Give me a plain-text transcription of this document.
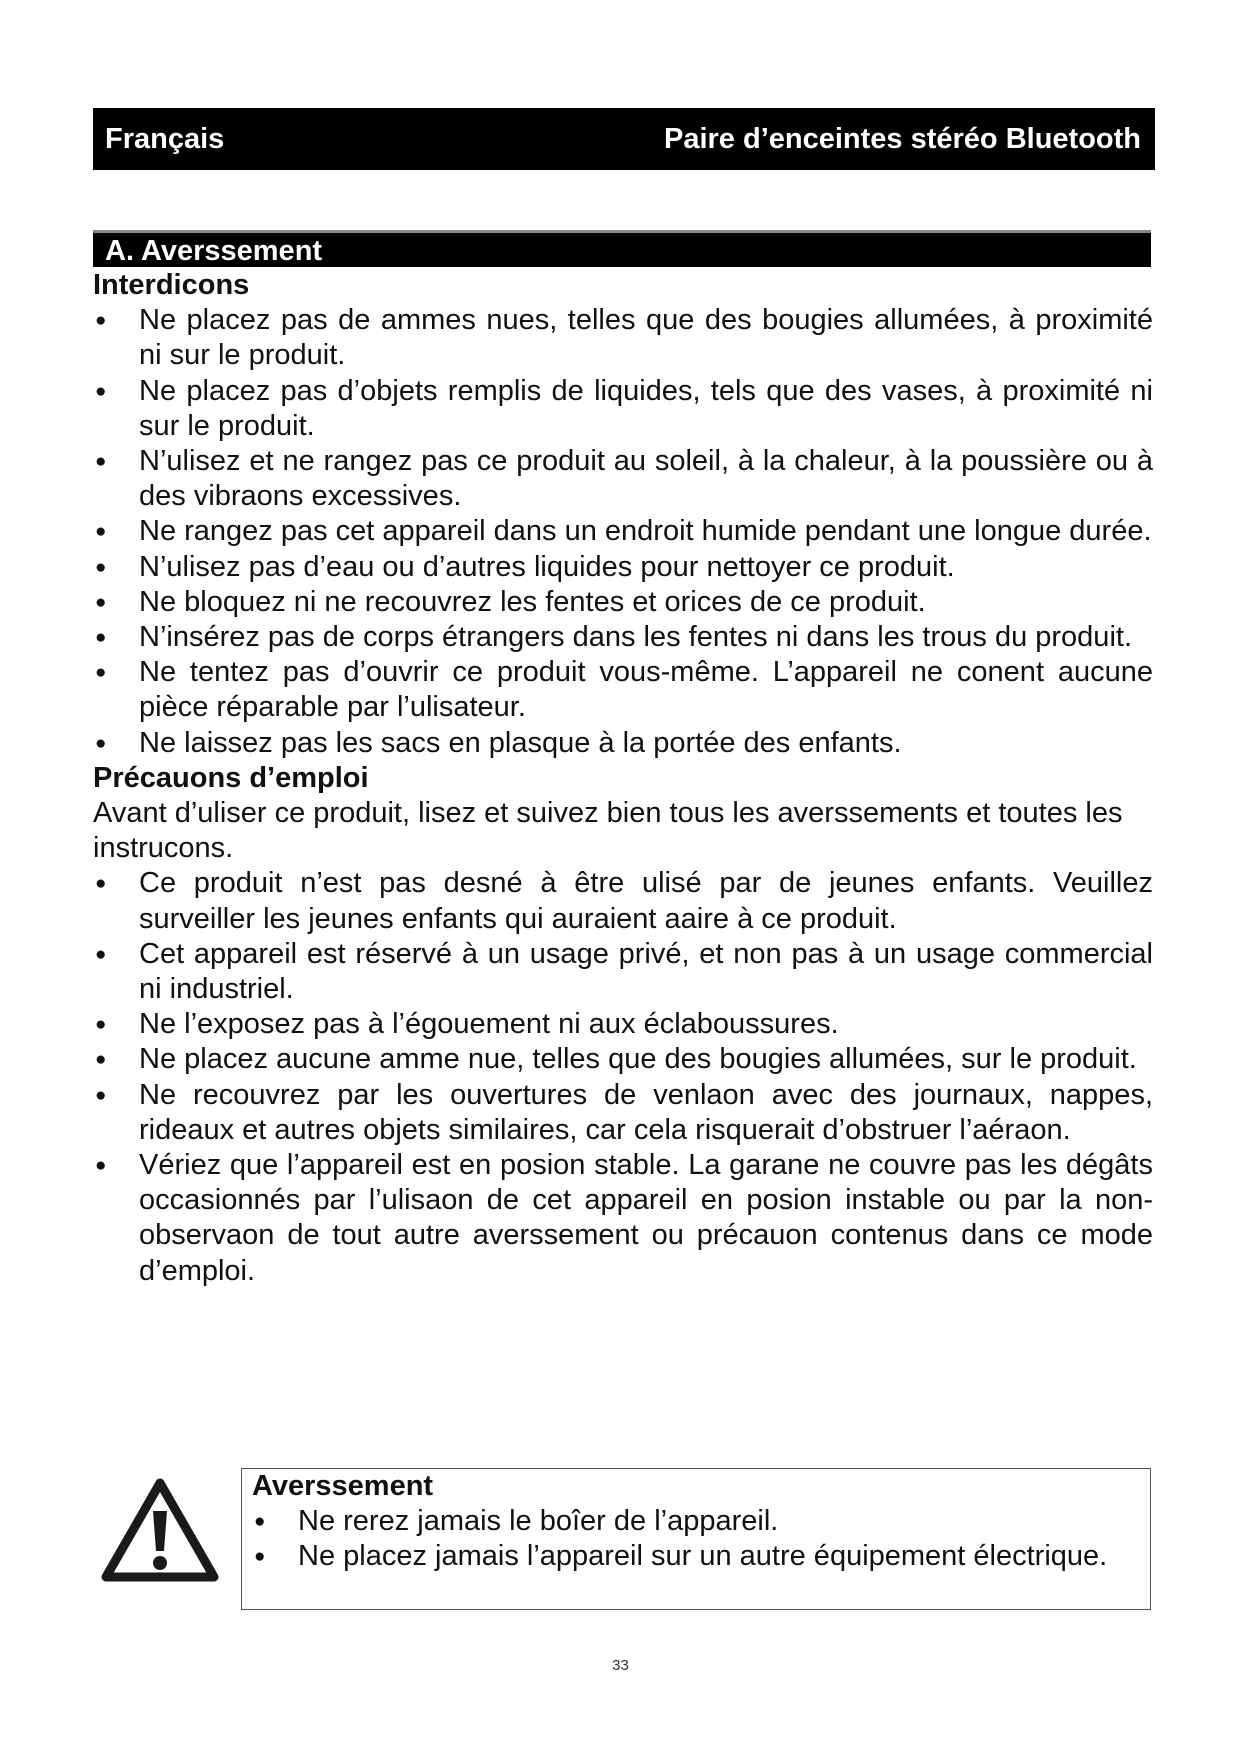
Français	Paire d’enceintes stéréo Bluetooth
A. Averssement
Interdicons
● Ne placez pas de ammes nues, telles que des bougies allumées, à proximité ni sur le produit.
● Ne placez pas d’objets remplis de liquides, tels que des vases, à proximité ni sur le produit.
● N’ulisez et ne rangez pas ce produit au soleil, à la chaleur, à la poussière ou à des vibraons excessives.
● Ne rangez pas cet appareil dans un endroit humide pendant une longue durée.
● N’ulisez pas d’eau ou d’autres liquides pour nettoyer ce produit.
● Ne bloquez ni ne recouvrez les fentes et orices de ce produit.
● N’insérez pas de corps étrangers dans les fentes ni dans les trous du produit.
● Ne tentez pas d’ouvrir ce produit vous-même. L’appareil ne conent aucune pièce réparable par l’ulisateur.
● Ne laissez pas les sacs en plasque à la portée des enfants.
Précauons d’emploi
Avant d’uliser ce produit, lisez et suivez bien tous les averssements et toutes les instrucons.
● Ce produit n’est pas desné à être ulisé par de jeunes enfants. Veuillez surveiller les jeunes enfants qui auraient aaire à ce produit.
● Cet appareil est réservé à un usage privé, et non pas à un usage commercial ni industriel.
● Ne l’exposez pas à l’égouement ni aux éclaboussures.
● Ne placez aucune amme nue, telles que des bougies allumées, sur le produit.
● Ne recouvrez par les ouvertures de venlaon avec des journaux, nappes, rideaux et autres objets similaires, car cela risquerait d’obstruer l’aéraon.
● Vériez que l’appareil est en posion stable. La garane ne couvre pas les dégâts occasionnés par l’ulisaon de cet appareil en posion instable ou par la non-observaon de tout autre averssement ou précauon contenus dans ce mode d’emploi.
Averssement
● Ne rerez jamais le boîer de l’appareil.
● Ne placez jamais l’appareil sur un autre équipement électrique.
33
